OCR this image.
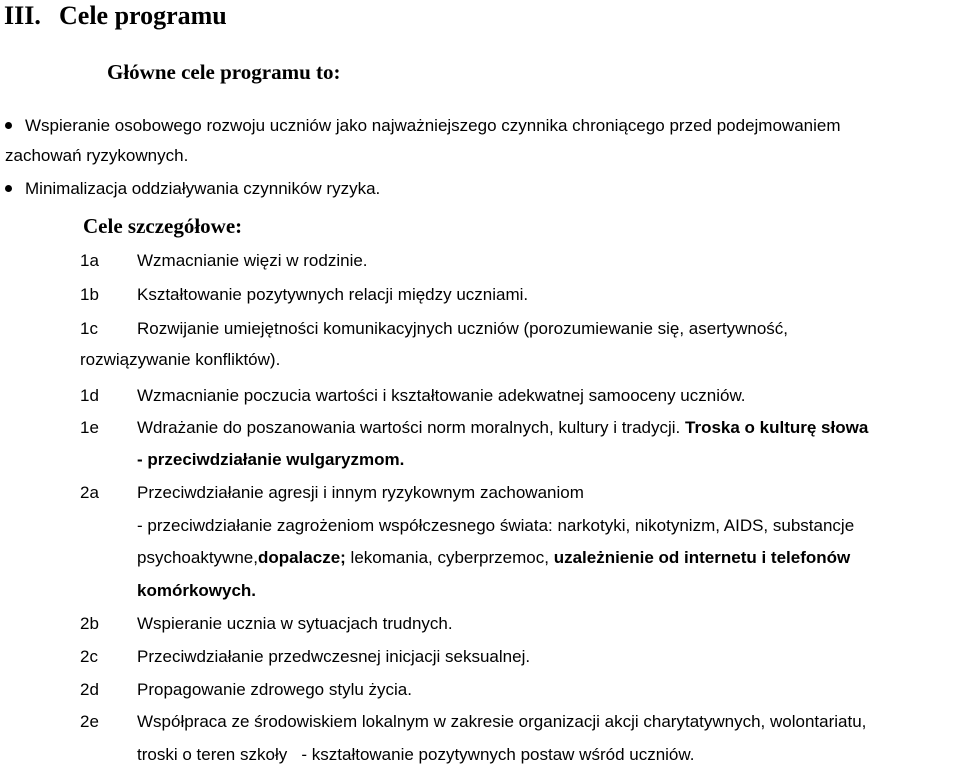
III. Cele programu
Główne cele programu to:
Wspieranie osobowego rozwoju uczniów jako najważniejszego czynnika chroniącego przed podejmowaniem
zachowań ryzykownych.
Minimalizacja oddziaływania czynników ryzyka.
Cele szczegółowe:
1a Wzmacnianie więzi w rodzinie.
1b Kształtowanie pozytywnych relacji między uczniami.
1c Rozwijanie umiejętności komunikacyjnych uczniów (porozumiewanie się, asertywność,
rozwiązywanie konfliktów).
1d Wzmacnianie poczucia wartości i kształtowanie adekwatnej samooceny uczniów.
1e Wdrażanie do poszanowania wartości norm moralnych, kultury i tradycji. Troska o kulturę słowa
- przeciwdziałanie wulgaryzmom.
2a Przeciwdziałanie agresji i innym ryzykownym zachowaniom
- przeciwdziałanie zagrożeniom współczesnego świata: narkotyki, nikotynizm, AIDS, substancje
psychoaktywne,dopalacze; lekomania, cyberprzemoc, uzależnienie od internetu i telefonów
komórkowych.
2b Wspieranie ucznia w sytuacjach trudnych.
2c Przeciwdziałanie przedwczesnej inicjacji seksualnej.
2d Propagowanie zdrowego stylu życia.
2e Współpraca ze środowiskiem lokalnym w zakresie organizacji akcji charytatywnych, wolontariatu,
troski o teren szkoły   - kształtowanie pozytywnych postaw wśród uczniów.
